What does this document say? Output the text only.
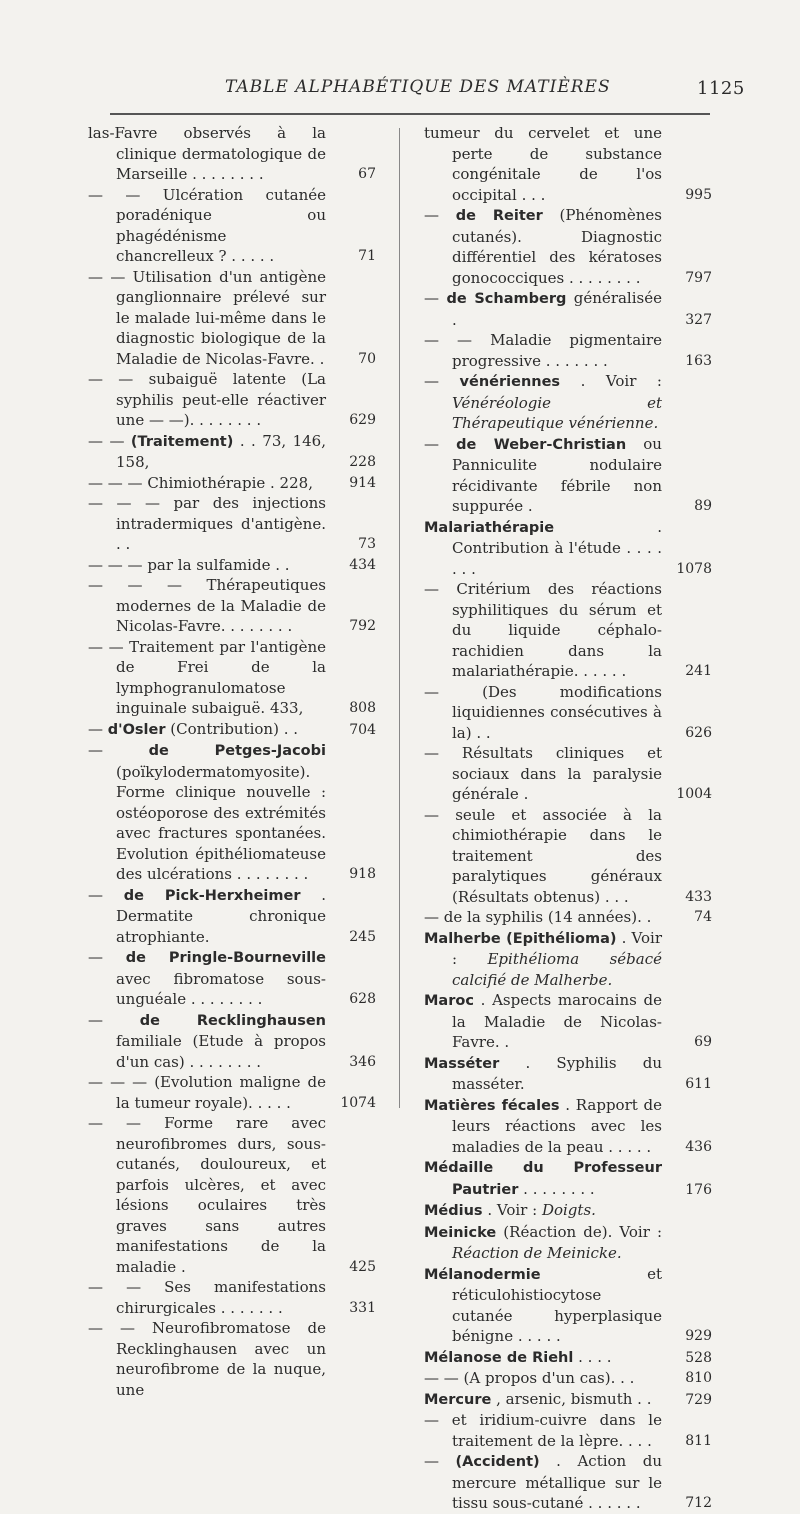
TABLE ALPHABÉTIQUE DES MATIÈRES	1125

las-Favre observés à la clinique dermatologique de Marseille . . . . . . . .	67

— — Ulcération cutanée poradénique ou phagédénisme chancrelleux ? . . . . .	71

— — Utilisation d'un antigène ganglionnaire prélevé sur le malade lui-même dans le diagnostic biologique de la Maladie de Nicolas-Favre. .	70

— — subaiguë latente (La syphilis peut-elle réactiver une — —). . . . . . . .	629

— — (Traitement) . . 73, 146, 158,	228

— — — Chimiothérapie . 228,	914

— — — par des injections intradermiques d'antigène. . .	73

— — — par la sulfamide . .	434

— — — Thérapeutiques modernes de la Maladie de Nicolas-Favre. . . . . . . .	792

— — Traitement par l'antigène de Frei de la lymphogranulomatose inguinale subaiguë. 433,	808

— d'Osler (Contribution) . .	704

— de Petges-Jacobi (poïkylodermatomyosite). Forme clinique nouvelle : ostéoporose des extrémités avec fractures spontanées. Evolution épithéliomateuse des ulcérations . . . . . . . .	918

— de Pick-Herxheimer . Dermatite chronique atrophiante.	245

— de Pringle-Bourneville avec fibromatose sous-unguéale . . . . . . . .	628

— de Recklinghausen familiale (Etude à propos d'un cas) . . . . . . . .	346

— — — (Evolution maligne de la tumeur royale). . . . .	1074

— — Forme rare avec neurofibromes durs, sous-cutanés, douloureux, et parfois ulcères, et avec lésions oculaires très graves sans autres manifestations de la maladie .	425

— — Ses manifestations chirurgicales . . . . . . .	331

— — Neurofibromatose de Recklinghausen avec un neurofibrome de la nuque, une

tumeur du cervelet et une perte de substance congénitale de l'os occipital . . .	995

— de Reiter (Phénomènes cutanés). Diagnostic différentiel des kératoses gonococciques . . . . . . . .	797

— de Schamberg généralisée .	327

— — Maladie pigmentaire progressive . . . . . . .	163

— vénériennes . Voir : Vénéréologie et Thérapeutique vénérienne.

— de Weber-Christian ou Panniculite nodulaire récidivante fébrile non suppurée .	89

Malariathérapie	. Contribution à l'étude . . . . . . .	1078

— Critérium des réactions syphilitiques du sérum et du liquide céphalo-rachidien dans la malariathérapie. . . . . .	241

— (Des modifications liquidiennes consécutives à la) . .	626

— Résultats cliniques et sociaux dans la paralysie générale .	1004

— seule et associée à la chimiothérapie dans le traitement des paralytiques généraux (Résultats obtenus) . . .	433

— de la syphilis (14 années). .	74

Malherbe (Epithélioma) . Voir : Epithélioma sébacé calcifié de Malherbe.

Maroc . Aspects marocains de la Maladie de Nicolas-Favre. .	69

Masséter . Syphilis du masséter.	611

Matières fécales . Rapport de leurs réactions avec les maladies de la peau . . . . .	436

Médaille du Professeur Pautrier . . . . . . . .	176

Médius . Voir : Doigts.

Meinicke (Réaction de). Voir : Réaction de Meinicke.

Mélanodermie	et réticulohistiocytose cutanée hyperplasique bénigne . . . . .	929

Mélanose de Riehl . . . .	528

— — (A propos d'un cas). . .	810

Mercure , arsenic, bismuth . .	729

— et iridium-cuivre dans le traitement de la lèpre. . . .	811

— (Accident) . Action du mercure métallique sur le tissu sous-cutané . . . . . .	712
